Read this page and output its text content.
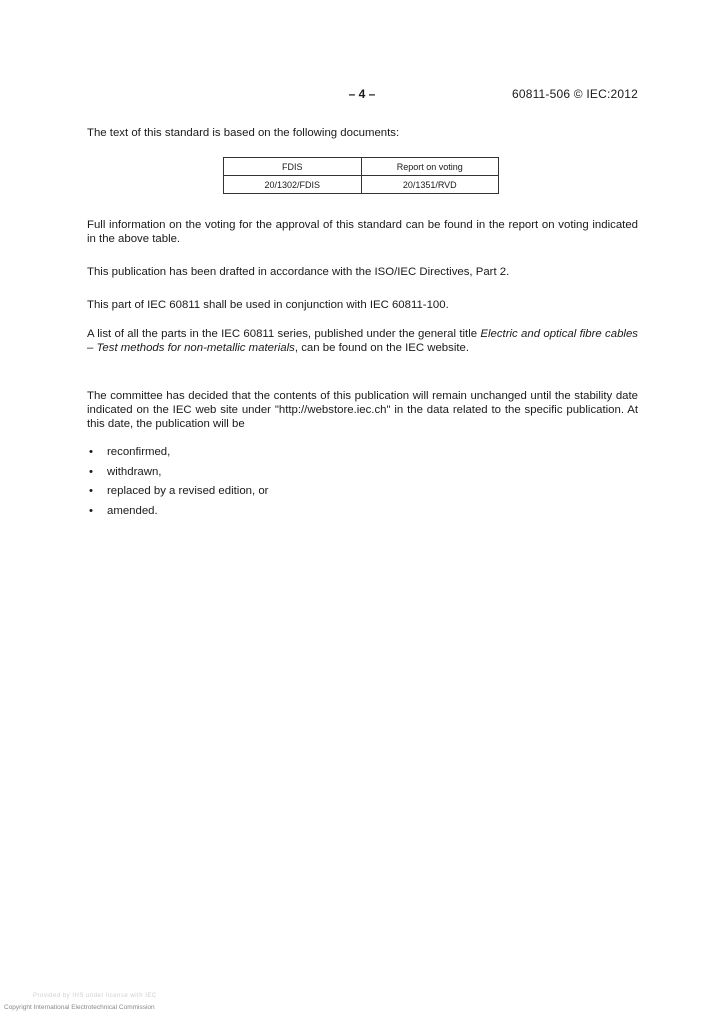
– 4 –	60811-506 © IEC:2012

The text of this standard is based on the following documents:

FDIS	Report on voting
20/1302/FDIS	20/1351/RVD

Full information on the voting for the approval of this standard can be found in the report on voting indicated in the above table.

This publication has been drafted in accordance with the ISO/IEC Directives, Part 2.

This part of IEC 60811 shall be used in conjunction with IEC 60811-100.

A list of all the parts in the IEC 60811 series, published under the general title Electric and optical fibre cables – Test methods for non-metallic materials, can be found on the IEC website.

The committee has decided that the contents of this publication will remain unchanged until the stability date indicated on the IEC web site under "http://webstore.iec.ch" in the data related to the specific publication. At this date, the publication will be

•	reconfirmed,
•	withdrawn,
•	replaced by a revised edition, or
•	amended.
Provided by IHS under license with IEC
Copyright International Electrotechnical Commission
